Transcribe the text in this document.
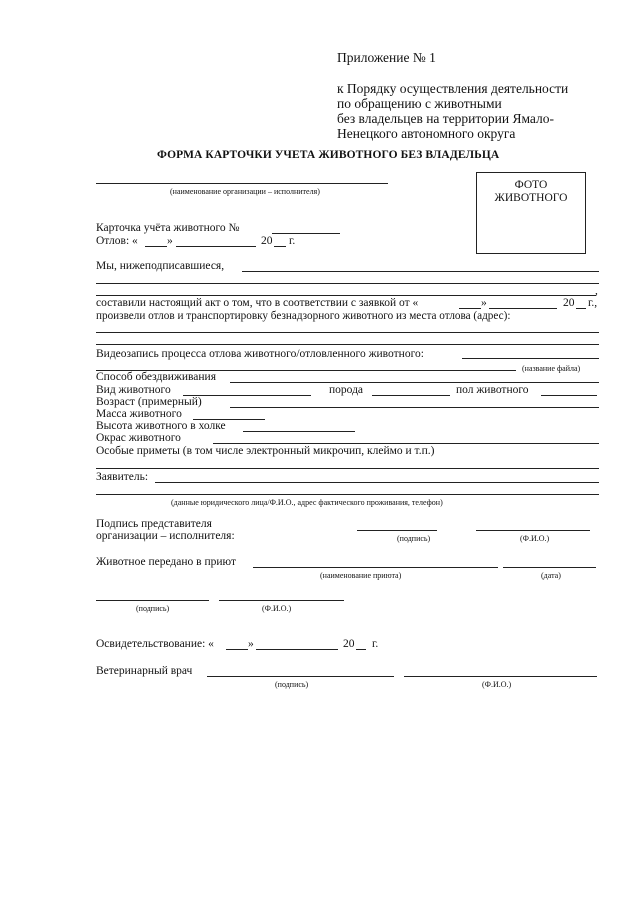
Приложение № 1
к Порядку осуществления деятельности
по обращению с животными
без владельцев на территории Ямало-
Ненецкого автономного округа
ФОРМА КАРТОЧКИ УЧЕТА ЖИВОТНОГО БЕЗ ВЛАДЕЛЬЦА
(наименование организации – исполнителя)
ФОТО
ЖИВОТНОГО
Карточка учёта животного №
Отлов: «	»	20 г.
Мы, нижеподписавшиеся,
,
составили настоящий акт о том, что в соответствии с заявкой от «	»	20 г.,
произвели отлов и транспортировку безнадзорного животного из места отлова (адрес):
Видеозапись процесса отлова животного/отловленного животного:
(название файла)
Способ обездвиживания
Вид животного	порода	пол животного
Возраст (примерный)
Масса животного
Высота животного в холке
Окрас животного
Особые приметы (в том числе электронный микрочип, клеймо и т.п.)
Заявитель:
(данные юридического лица/Ф.И.О., адрес фактического проживания, телефон)
Подпись представителя
организации – исполнителя:	(подпись)	(Ф.И.О.)
Животное передано в приют
(наименование приюта)	(дата)
(подпись)	(Ф.И.О.)
Освидетельствование: «	»	20 г.
Ветеринарный врач
(подпись)	(Ф.И.О.)
